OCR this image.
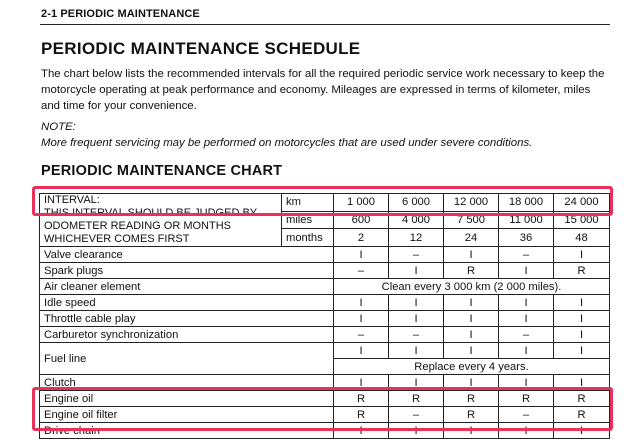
2-1 PERIODIC MAINTENANCE
PERIODIC MAINTENANCE SCHEDULE
The chart below lists the recommended intervals for all the required periodic service work necessary to keep the motorcycle operating at peak performance and economy. Mileages are expressed in terms of kilometer, miles and time for your convenience.
NOTE:
More frequent servicing may be performed on motorcycles that are used under severe conditions.
PERIODIC MAINTENANCE CHART
INTERVAL:
THIS INTERVAL SHOULD BE JUDGED BY ODOMETER READING OR MONTHS WHICHEVER COMES FIRST	km	1 000	6 000	12 000	18 000	24 000
	miles	600	4 000	7 500	11 000	15 000
	months	2	12	24	36	48
Valve clearance		I	–	I	–	I
Spark plugs		–	I	R	I	R
Air cleaner element		Clean every 3 000 km (2 000 miles).				
Idle speed		I	I	I	I	I
Throttle cable play		I	I	I	I	I
Carburetor synchronization		–	–	I	–	I
Fuel line		I	I	I	I	I
		Replace every 4 years.				
Clutch		I	I	I	I	I
Engine oil		R	R	R	R	R
Engine oil filter		R	–	R	–	R
Drive chain		I	I	I	I	I
